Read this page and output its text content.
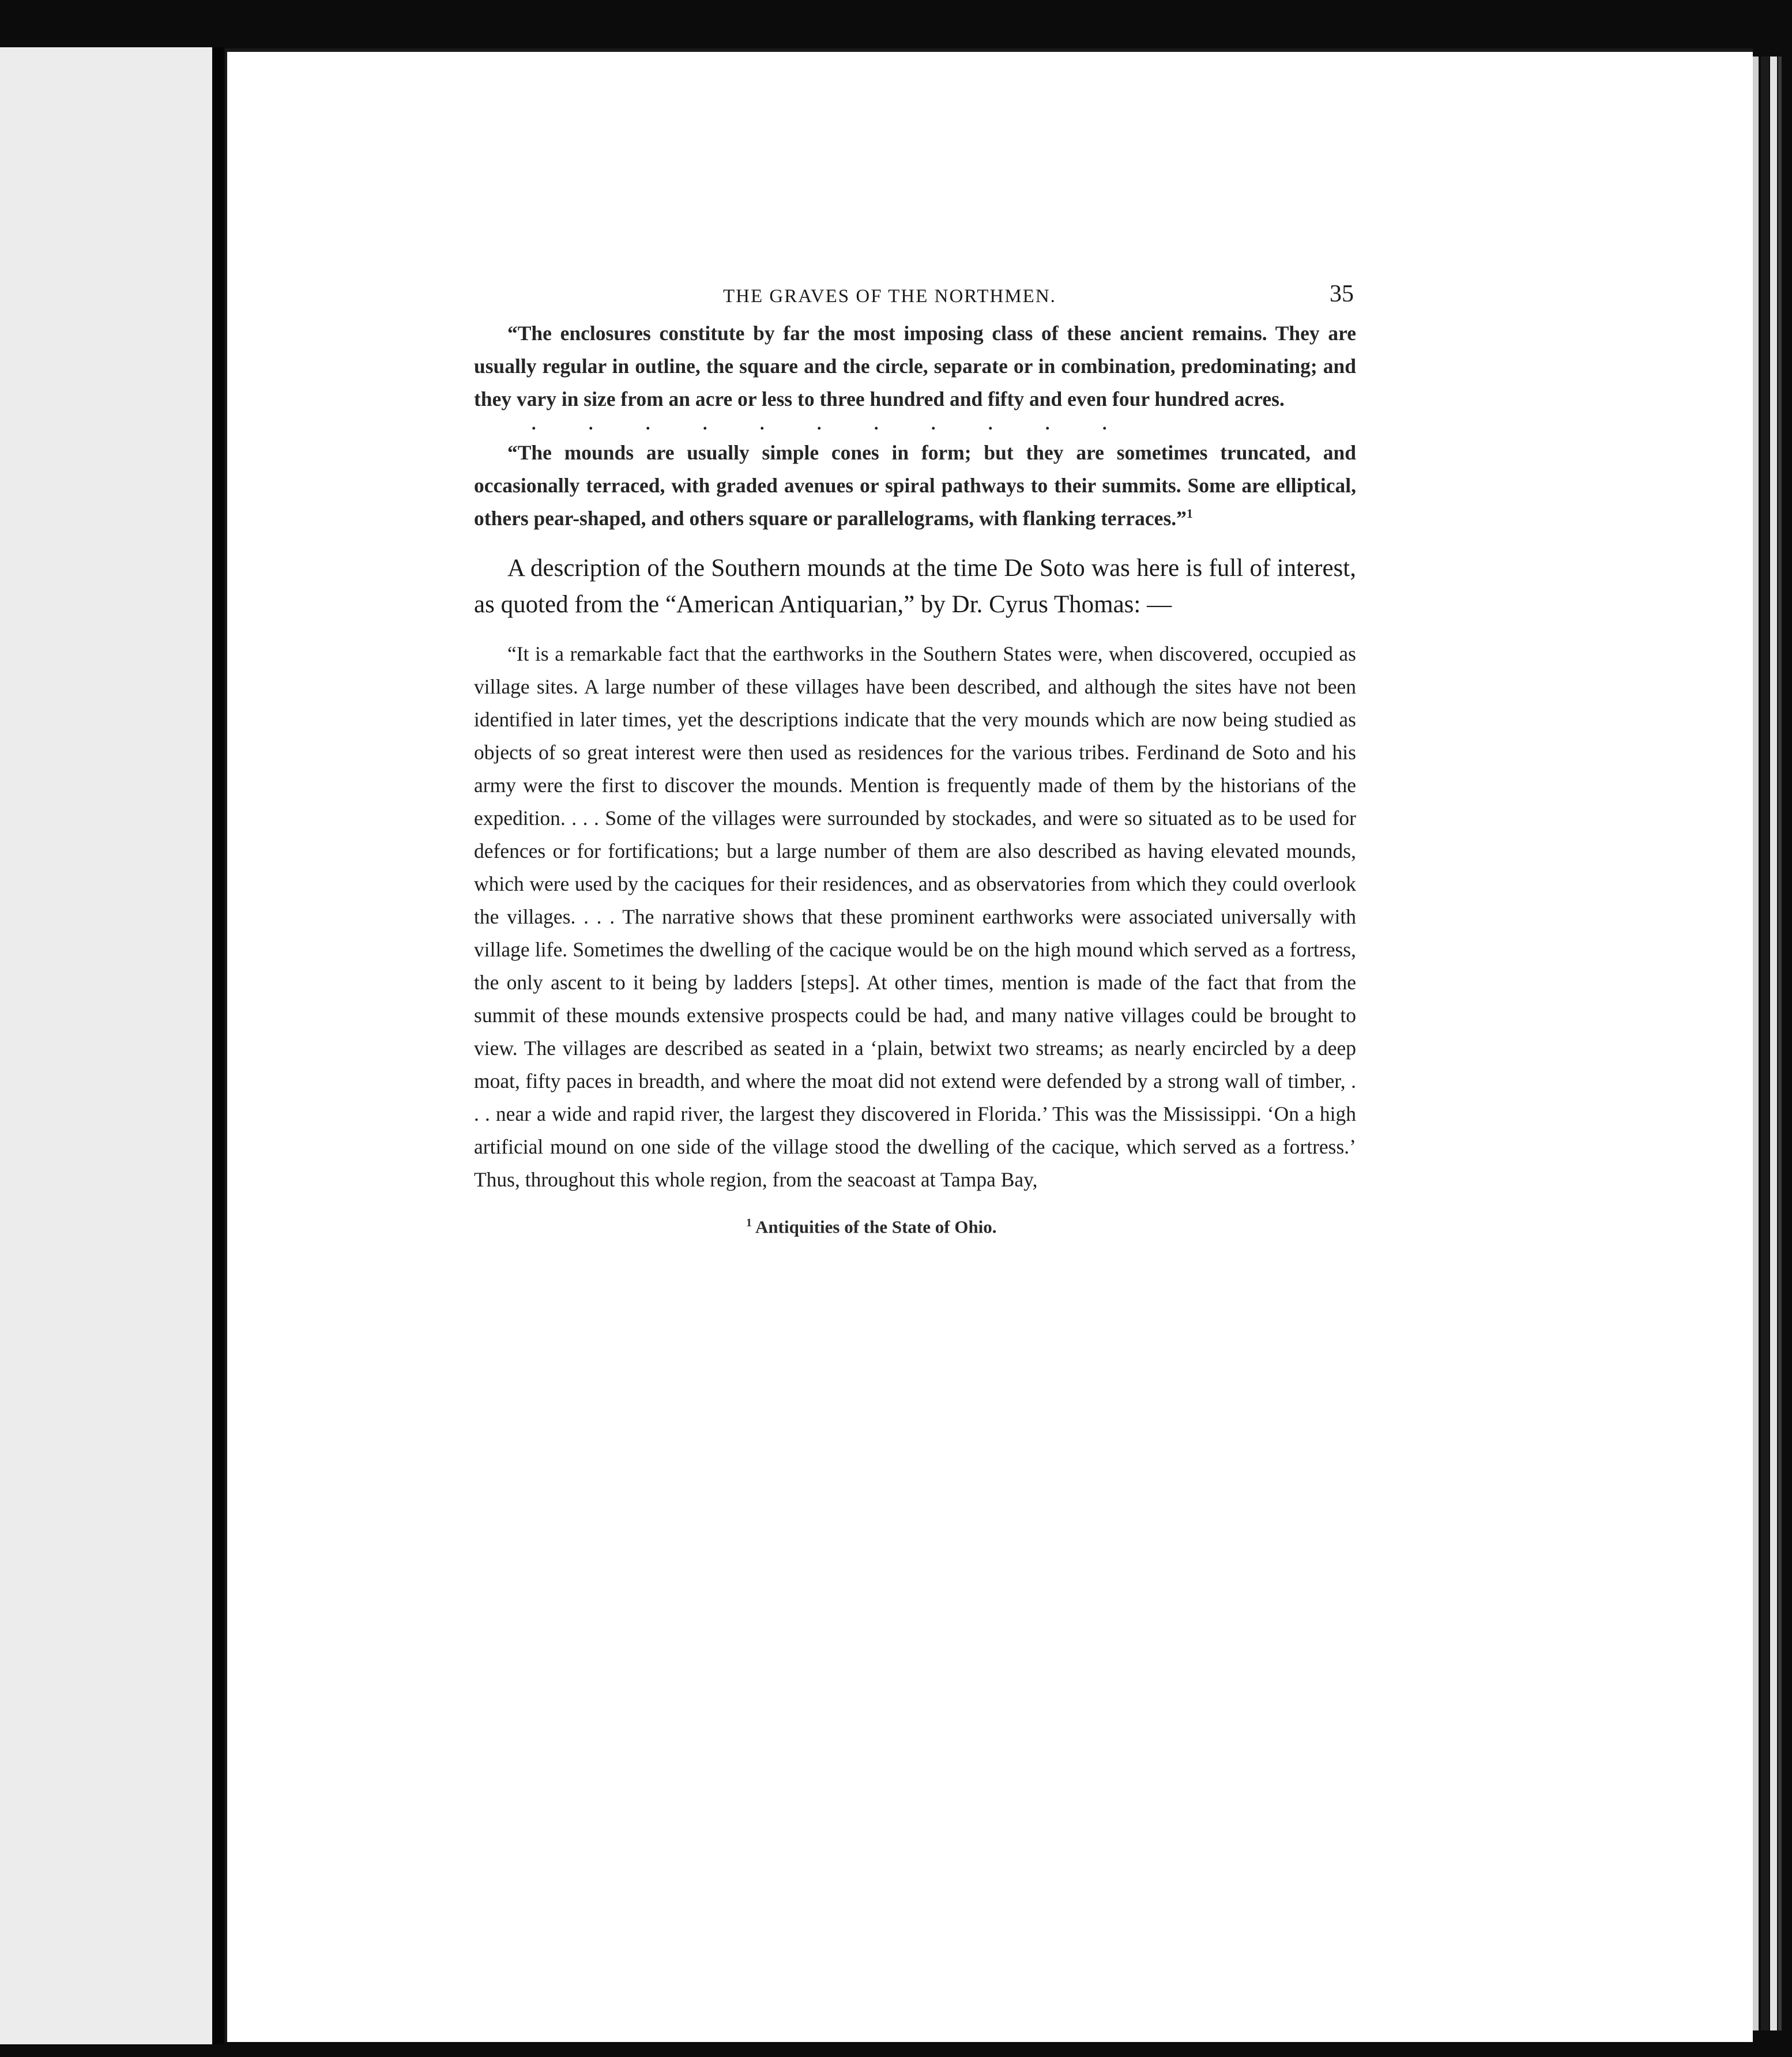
THE GRAVES OF THE NORTHMEN.	35

“The enclosures constitute by far the most imposing class of these ancient remains. They are usually regular in outline, the square and the circle, separate or in combination, predominating; and they vary in size from an acre or less to three hundred and fifty and even four hundred acres.

. . . . . . . . . . .

“The mounds are usually simple cones in form; but they are sometimes truncated, and occasionally terraced, with graded avenues or spiral pathways to their summits. Some are elliptical, others pear-shaped, and others square or parallelograms, with flanking terraces.”$^1$

A description of the Southern mounds at the time De Soto was here is full of interest, as quoted from the “American Antiquarian,” by Dr. Cyrus Thomas: —

“It is a remarkable fact that the earthworks in the Southern States were, when discovered, occupied as village sites. A large number of these villages have been described, and although the sites have not been identified in later times, yet the descriptions indicate that the very mounds which are now being studied as objects of so great interest were then used as residences for the various tribes. Ferdinand de Soto and his army were the first to discover the mounds. Mention is frequently made of them by the historians of the expedition. . . . Some of the villages were surrounded by stockades, and were so situated as to be used for defences or for fortifications; but a large number of them are also described as having elevated mounds, which were used by the caciques for their residences, and as observatories from which they could overlook the villages. . . . The narrative shows that these prominent earthworks were associated universally with village life. Sometimes the dwelling of the cacique would be on the high mound which served as a fortress, the only ascent to it being by ladders [steps]. At other times, mention is made of the fact that from the summit of these mounds extensive prospects could be had, and many native villages could be brought to view. The villages are described as seated in a ‘plain, betwixt two streams; as nearly encircled by a deep moat, fifty paces in breadth, and where the moat did not extend were defended by a strong wall of timber, . . . near a wide and rapid river, the largest they discovered in Florida.’ This was the Mississippi. ‘On a high artificial mound on one side of the village stood the dwelling of the cacique, which served as a fortress.’ Thus, throughout this whole region, from the seacoast at Tampa Bay,

$^1$ Antiquities of the State of Ohio.
